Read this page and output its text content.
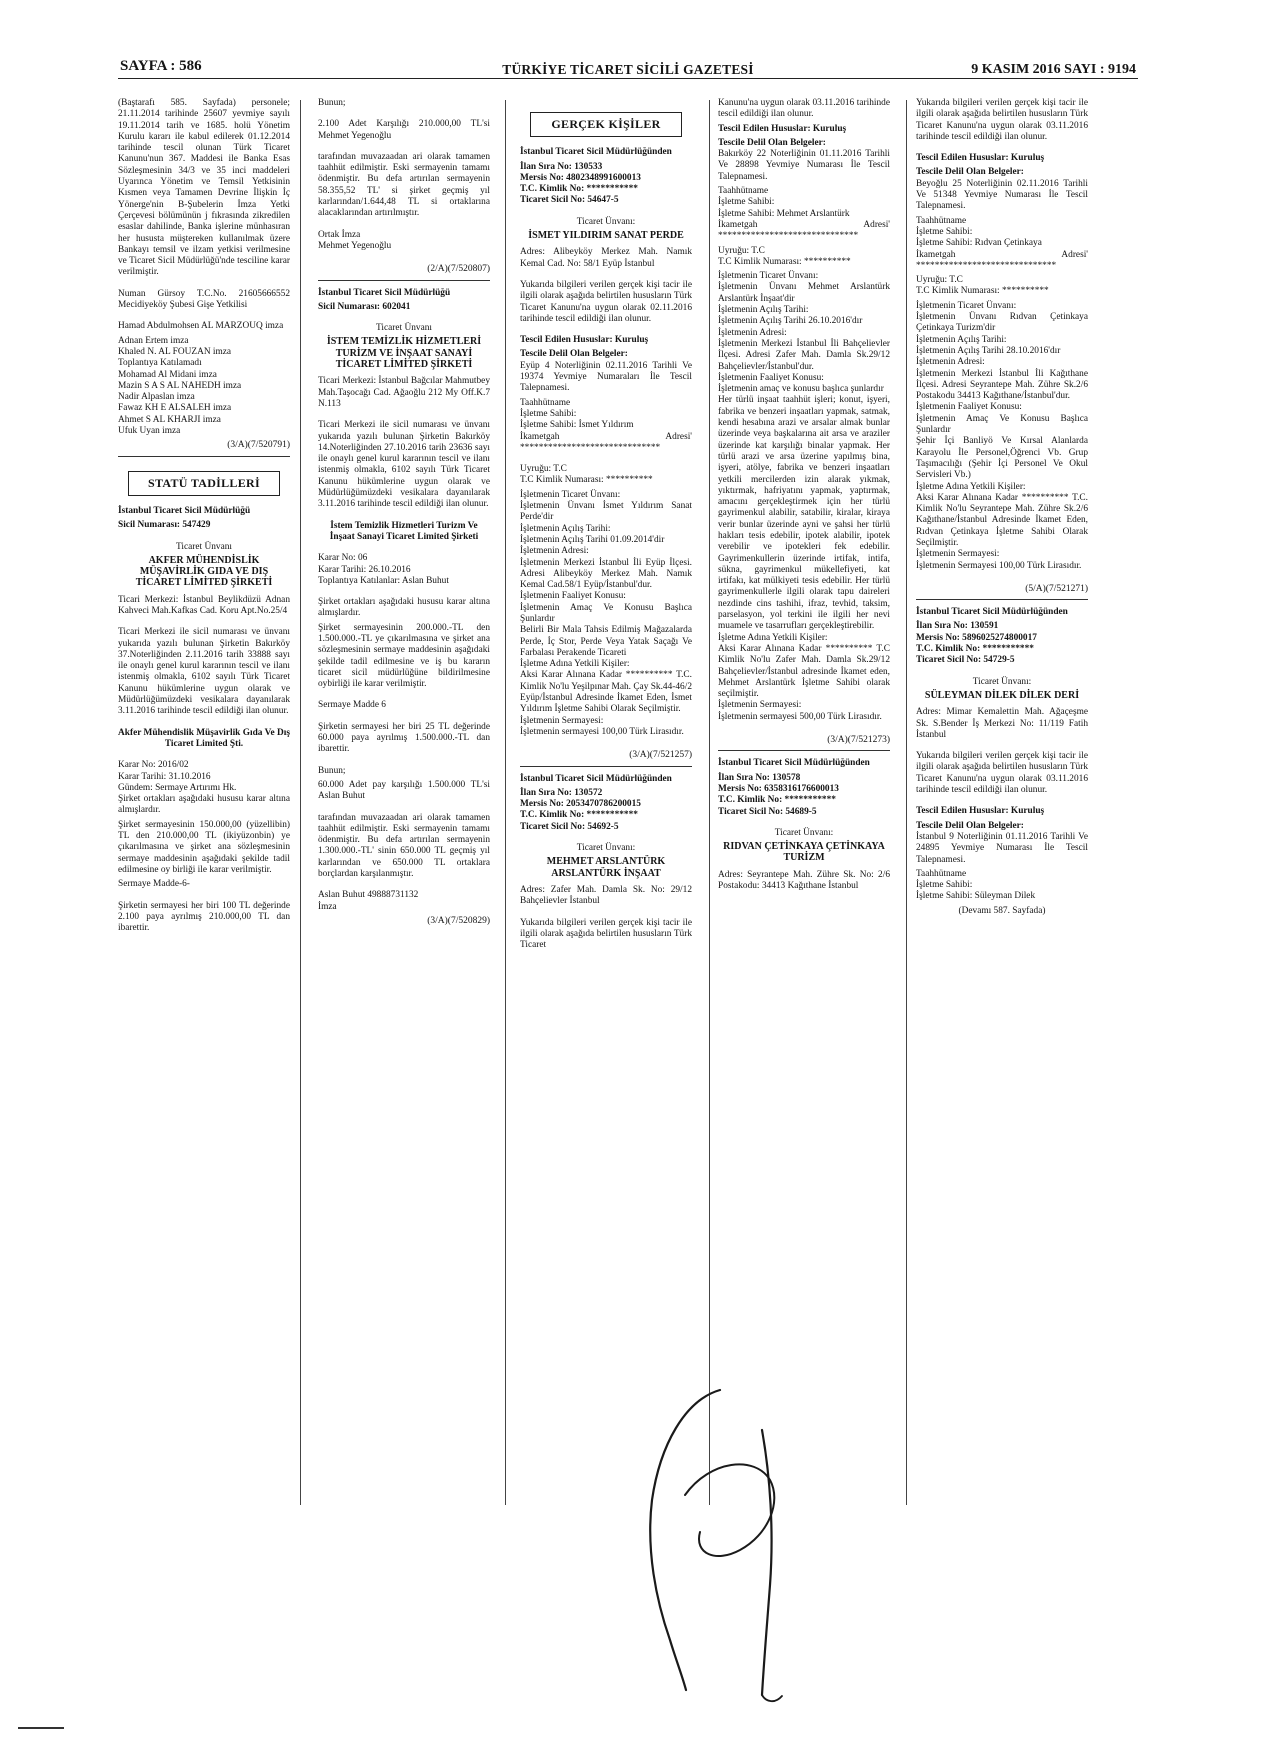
SAYFA : 586	TÜRKİYE TİCARET SİCİLİ GAZETESİ	9 KASIM 2016 SAYI : 9194

(Baştarafı 585. Sayfada) personele; 21.11.2014 tarihinde 25607 yevmiye sayılı 19.11.2014 tarih ve 1685. holü Yönetim Kurulu kararı ile kabul edilerek 01.12.2014 tarihinde tescil olunan Türk Ticaret Kanunu'nun 367. Maddesi ile Banka Esas Sözleşmesinin 34/3 ve 35 inci maddeleri Uyarınca Yönetim ve Temsil Yetkisinin Kısmen veya Tamamen Devrine İlişkin İç Yönerge'nin B-Şubelerin İmza Yetki Çerçevesi bölümünün j fıkrasında zikredilen esaslar dahilinde, Banka işlerine münhasıran her hususta müştereken kullanılmak üzere Bankayı temsil ve ilzam yetkisi verilmesine ve Ticaret Sicil Müdürlüğü'nde tesciline karar verilmiştir.

Numan Gürsoy T.C.No. 21605666552 Mecidiyeköy Şubesi Gişe Yetkilisi

Hamad Abdulmohsen AL MARZOUQ imza

Adnan Ertem imza

Khaled N. AL FOUZAN imza

Toplantıya Katılamadı

Mohamad Al Midani imza

Mazin S A S AL NAHEDH imza

Nadir Alpaslan imza

Fawaz KH E ALSALEH imza

Ahmet S AL KHARJI imza

Ufuk Uyan imza

(3/A)(7/520791)

STATÜ TADİLLERİ

İstanbul Ticaret Sicil Müdürlüğü

Sicil Numarası: 547429

Ticaret Ünvanı

AKFER MÜHENDİSLİK MÜŞAVİRLİK GIDA VE DIŞ TİCARET LİMİTED ŞİRKETİ

Ticari Merkezi: İstanbul Beylikdüzü Adnan Kahveci Mah.Kafkas Cad. Koru Apt.No.25/4

Ticari Merkezi ile sicil numarası ve ünvanı yukarıda yazılı bulunan Şirketin Bakırköy 37.Noterliğinden 2.11.2016 tarih 33888 sayı ile onaylı genel kurul kararının tescil ve ilanı istenmiş olmakla, 6102 sayılı Türk Ticaret Kanunu hükümlerine uygun olarak ve Müdürlüğümüzdeki vesikalara dayanılarak 3.11.2016 tarihinde tescil edildiği ilan olunur.

Akfer Mühendislik Müşavirlik Gıda Ve Dış Ticaret Limited Şti.

Karar No: 2016/02

Karar Tarihi: 31.10.2016

Gündem: Sermaye Artırımı Hk.

Şirket ortakları aşağıdaki hususu karar altına almışlardır.

Şirket sermayesinin 150.000,00 (yüzellibin) TL den 210.000,00 TL (ikiyüzonbin) ye çıkarılmasına ve şirket ana sözleşmesinin sermaye maddesinin aşağıdaki şekilde tadil edilmesine oy birliği ile karar verilmiştir.

Sermaye Madde-6-

Şirketin sermayesi her biri 100 TL değerinde 2.100 paya ayrılmış 210.000,00 TL dan ibarettir.

Bunun;

2.100 Adet Karşılığı 210.000,00 TL'si Mehmet Yegenoğlu

tarafından muvazaadan ari olarak tamamen taahhüt edilmiştir. Eski sermayenin tamamı ödenmiştir. Bu defa artırılan sermayenin 58.355,52 TL' si şirket geçmiş yıl karlarından/1.644,48 TL si ortaklarına alacaklarından artırılmıştır.

Ortak İmza

Mehmet Yegenoğlu

(2/A)(7/520807)

İstanbul Ticaret Sicil Müdürlüğü

Sicil Numarası: 602041

Ticaret Ünvanı

İSTEM TEMİZLİK HİZMETLERİ TURİZM VE İNŞAAT SANAYİ TİCARET LİMİTED ŞİRKETİ

Ticari Merkezi: İstanbul Bağcılar Mahmutbey Mah.Taşocağı Cad. Ağaoğlu 212 My Off.K.7 N.113

Ticari Merkezi ile sicil numarası ve ünvanı yukarıda yazılı bulunan Şirketin Bakırköy 14.Noterliğinden 27.10.2016 tarih 23636 sayı ile onaylı genel kurul kararının tescil ve ilanı istenmiş olmakla, 6102 sayılı Türk Ticaret Kanunu hükümlerine uygun olarak ve Müdürlüğümüzdeki vesikalara dayanılarak 3.11.2016 tarihinde tescil edildiği ilan olunur.

İstem Temizlik Hizmetleri Turizm Ve İnşaat Sanayi Ticaret Limited Şirketi

Karar No: 06

Karar Tarihi: 26.10.2016

Toplantıya Katılanlar: Aslan Buhut

Şirket ortakları aşağıdaki hususu karar altına almışlardır.

Şirket sermayesinin 200.000.-TL den 1.500.000.-TL ye çıkarılmasına ve şirket ana sözleşmesinin sermaye maddesinin aşağıdaki şekilde tadil edilmesine ve iş bu kararın ticaret sicil müdürlüğüne bildirilmesine oybirliği ile karar verilmiştir.

Sermaye Madde 6

Şirketin sermayesi her biri 25 TL değerinde 60.000 paya ayrılmış 1.500.000.-TL dan ibarettir.

Bunun;

60.000 Adet pay karşılığı 1.500.000 TL'si Aslan Buhut

tarafından muvazaadan ari olarak tamamen taahhüt edilmiştir. Eski sermayenin tamamı ödenmiştir. Bu defa artırılan sermayenin 1.300.000.-TL' sinin 650.000 TL geçmiş yıl karlarından ve 650.000 TL ortaklara borçlardan karşılanmıştır.

Aslan Buhut 49888731132

İmza

(3/A)(7/520829)

GERÇEK KİŞİLER

İstanbul Ticaret Sicil Müdürlüğünden

İlan Sıra No: 130533

Mersis No: 4802348991600013

T.C. Kimlik No: ***********

Ticaret Sicil No: 54647-5

Ticaret Ünvanı:

İSMET YILDIRIM SANAT PERDE

Adres: Alibeyköy Merkez Mah. Namık Kemal Cad. No: 58/1 Eyüp İstanbul

Yukarıda bilgileri verilen gerçek kişi tacir ile ilgili olarak aşağıda belirtilen hususların Türk Ticaret Kanunu'na uygun olarak 02.11.2016 tarihinde tescil edildiği ilan olunur.

Tescil Edilen Hususlar: Kuruluş

Tescile Delil Olan Belgeler:

Eyüp 4 Noterliğinin 02.11.2016 Tarihli Ve 19374 Yevmiye Numaraları İle Tescil Talepnamesi.

Taahhütname

İşletme Sahibi:

İşletme Sahibi: İsmet Yıldırım

İkametgah Adresi' ******************************

Uyruğu: T.C

T.C Kimlik Numarası: **********

İşletmenin Ticaret Ünvanı:

İşletmenin Ünvanı İsmet Yıldırım Sanat Perde'dir

İşletmenin Açılış Tarihi:

İşletmenin Açılış Tarihi 01.09.2014'dir

İşletmenin Adresi:

İşletmenin Merkezi İstanbul İli Eyüp İlçesi. Adresi Alibeyköy Merkez Mah. Namık Kemal Cad.58/1 Eyüp/İstanbul'dur.

İşletmenin Faaliyet Konusu:

İşletmenin Amaç Ve Konusu Başlıca Şunlardır

Belirli Bir Mala Tahsis Edilmiş Mağazalarda Perde, İç Stor, Perde Veya Yatak Saçağı Ve Farbalası Perakende Ticareti

İşletme Adına Yetkili Kişiler:

Aksi Karar Alınana Kadar ********** T.C. Kimlik No'lu Yeşilpınar Mah. Çay Sk.44-46/2 Eyüp/İstanbul Adresinde İkamet Eden, İsmet Yıldırım İşletme Sahibi Olarak Seçilmiştir.

İşletmenin Sermayesi:

İşletmenin sermayesi 100,00 Türk Lirasıdır.

(3/A)(7/521257)

İstanbul Ticaret Sicil Müdürlüğünden

İlan Sıra No: 130572

Mersis No: 2053470786200015

T.C. Kimlik No: ***********

Ticaret Sicil No: 54692-5

Ticaret Ünvanı:

MEHMET ARSLANTÜRK ARSLANTÜRK İNŞAAT

Adres: Zafer Mah. Damla Sk. No: 29/12 Bahçelievler İstanbul

Yukarıda bilgileri verilen gerçek kişi tacir ile ilgili olarak aşağıda belirtilen hususların Türk Ticaret

Kanunu'na uygun olarak 03.11.2016 tarihinde tescil edildiği ilan olunur.

Tescil Edilen Hususlar: Kuruluş

Tescile Delil Olan Belgeler:

Bakırköy 22 Noterliğinin 01.11.2016 Tarihli Ve 28898 Yevmiye Numarası İle Tescil Talepnamesi.

Taahhütname

İşletme Sahibi:

İşletme Sahibi: Mehmet Arslantürk

İkametgah Adresi' ******************************

Uyruğu: T.C

T.C Kimlik Numarası: **********

İşletmenin Ticaret Ünvanı:

İşletmenin Ünvanı Mehmet Arslantürk Arslantürk İnşaat'dir

İşletmenin Açılış Tarihi:

İşletmenin Açılış Tarihi 26.10.2016'dır

İşletmenin Adresi:

İşletmenin Merkezi İstanbul İli Bahçelievler İlçesi. Adresi Zafer Mah. Damla Sk.29/12 Bahçelievler/İstanbul'dur.

İşletmenin Faaliyet Konusu:

İşletmenin amaç ve konusu başlıca şunlardır

Her türlü inşaat taahhüt işleri; konut, işyeri, fabrika ve benzeri inşaatları yapmak, satmak, kendi hesabına arazi ve arsalar almak bunlar üzerinde veya başkalarına ait arsa ve araziler üzerinde kat karşılığı binalar yapmak. Her türlü arazi ve arsa üzerine yapılmış bina, işyeri, atölye, fabrika ve benzeri inşaatları yetkili mercilerden izin alarak yıkmak, yıktırmak, hafriyatını yapmak, yaptırmak, amacını gerçekleştirmek için her türlü gayrimenkul alabilir, satabilir, kiralar, kiraya verir bunlar üzerinde ayni ve şahsi her türlü hakları tesis edebilir, ipotek alabilir, ipotek verebilir ve ipotekleri fek edebilir. Gayrimenkullerin üzerinde irtifak, intifa, sükna, gayrimenkul mükellefiyeti, kat irtifakı, kat mülkiyeti tesis edebilir. Her türlü gayrimenkullerle ilgili olarak tapu daireleri nezdinde cins tashihi, ifraz, tevhid, taksim, parselasyon, yol terkini ile ilgili her nevi muamele ve tasarrufları gerçekleştirebilir.

İşletme Adına Yetkili Kişiler:

Aksi Karar Alınana Kadar ********** T.C Kimlik No'lu Zafer Mah. Damla Sk.29/12 Bahçelievler/İstanbul adresinde İkamet eden, Mehmet Arslantürk İşletme Sahibi olarak seçilmiştir.

İşletmenin Sermayesi:

İşletmenin sermayesi 500,00 Türk Lirasıdır.

(3/A)(7/521273)

İstanbul Ticaret Sicil Müdürlüğünden

İlan Sıra No: 130578

Mersis No: 6358316176600013

T.C. Kimlik No: ***********

Ticaret Sicil No: 54689-5

Ticaret Ünvanı:

RIDVAN ÇETİNKAYA ÇETİNKAYA TURİZM

Adres: Seyrantepe Mah. Zühre Sk. No: 2/6 Postakodu: 34413 Kağıthane İstanbul

Yukarıda bilgileri verilen gerçek kişi tacir ile ilgili olarak aşağıda belirtilen hususların Türk Ticaret Kanunu'na uygun olarak 03.11.2016 tarihinde tescil edildiği ilan olunur.

Tescil Edilen Hususlar: Kuruluş

Tescile Delil Olan Belgeler:

Beyoğlu 25 Noterliğinin 02.11.2016 Tarihli Ve 51348 Yevmiye Numarası İle Tescil Talepnamesi.

Taahhütname

İşletme Sahibi:

İşletme Sahibi: Rıdvan Çetinkaya

İkametgah Adresi' ******************************

Uyruğu: T.C

T.C Kimlik Numarası: **********

İşletmenin Ticaret Ünvanı:

İşletmenin Ünvanı Rıdvan Çetinkaya Çetinkaya Turizm'dir

İşletmenin Açılış Tarihi:

İşletmenin Açılış Tarihi 28.10.2016'dır

İşletmenin Adresi:

İşletmenin Merkezi İstanbul İli Kağıthane İlçesi. Adresi Seyrantepe Mah. Zühre Sk.2/6 Postakodu 34413 Kağıthane/İstanbul'dur.

İşletmenin Faaliyet Konusu:

İşletmenin Amaç Ve Konusu Başlıca Şunlardır

Şehir İçi Banliyö Ve Kırsal Alanlarda Karayolu İle Personel,Öğrenci Vb. Grup Taşımacılığı (Şehir İçi Personel Ve Okul Servisleri Vb.)

İşletme Adına Yetkili Kişiler:

Aksi Karar Alınana Kadar ********** T.C. Kimlik No'lu Seyrantepe Mah. Zühre Sk.2/6 Kağıthane/İstanbul Adresinde İkamet Eden, Rıdvan Çetinkaya İşletme Sahibi Olarak Seçilmiştir.

İşletmenin Sermayesi:

İşletmenin Sermayesi 100,00 Türk Lirasıdır.

(5/A)(7/521271)

İstanbul Ticaret Sicil Müdürlüğünden

İlan Sıra No: 130591

Mersis No: 5896025274800017

T.C. Kimlik No: ***********

Ticaret Sicil No: 54729-5

Ticaret Ünvanı:

SÜLEYMAN DİLEK DİLEK DERİ

Adres: Mimar Kemalettin Mah. Ağaçeşme Sk. S.Bender İş Merkezi No: 11/119 Fatih İstanbul

Yukarıda bilgileri verilen gerçek kişi tacir ile ilgili olarak aşağıda belirtilen hususların Türk Ticaret Kanunu'na uygun olarak 03.11.2016 tarihinde tescil edildiği ilan olunur.

Tescil Edilen Hususlar: Kuruluş

Tescile Delil Olan Belgeler:

İstanbul 9 Noterliğinin 01.11.2016 Tarihli Ve 24895 Yevmiye Numarası İle Tescil Talepnamesi.

Taahhütname

İşletme Sahibi:

İşletme Sahibi: Süleyman Dilek

(Devamı 587. Sayfada)
